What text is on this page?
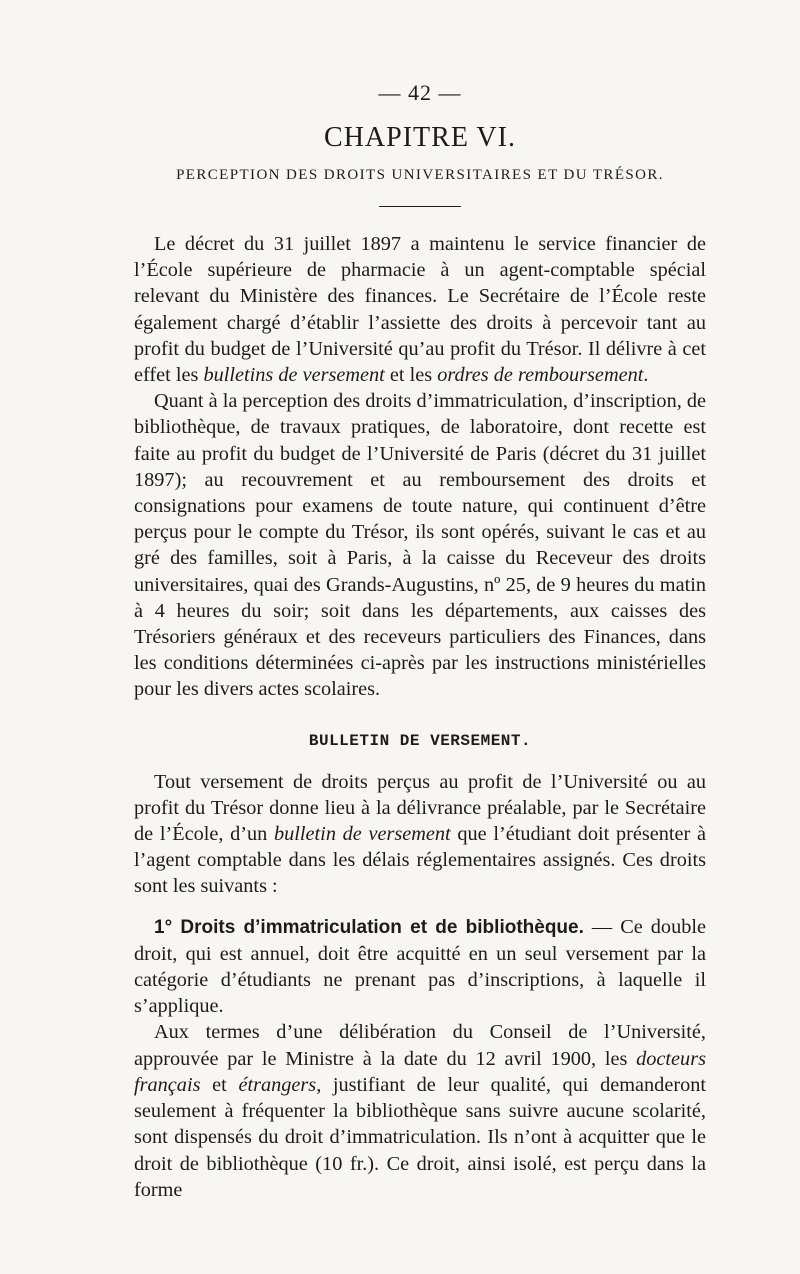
— 42 —
CHAPITRE VI.
PERCEPTION DES DROITS UNIVERSITAIRES ET DU TRÉSOR.

Le décret du 31 juillet 1897 a maintenu le service financier de l’École supérieure de pharmacie à un agent-comptable spécial relevant du Ministère des finances. Le Secrétaire de l’École reste également chargé d’établir l’assiette des droits à percevoir tant au profit du budget de l’Université qu’au profit du Trésor. Il délivre à cet effet les bulletins de versement et les ordres de remboursement.

Quant à la perception des droits d’immatriculation, d’inscription, de bibliothèque, de travaux pratiques, de laboratoire, dont recette est faite au profit du budget de l’Université de Paris (décret du 31 juillet 1897); au recouvrement et au remboursement des droits et consignations pour examens de toute nature, qui continuent d’être perçus pour le compte du Trésor, ils sont opérés, suivant le cas et au gré des familles, soit à Paris, à la caisse du Receveur des droits universitaires, quai des Grands-Augustins, nº 25, de 9 heures du matin à 4 heures du soir; soit dans les départements, aux caisses des Trésoriers généraux et des receveurs particuliers des Finances, dans les conditions déterminées ci-après par les instructions ministérielles pour les divers actes scolaires.

BULLETIN DE VERSEMENT.

Tout versement de droits perçus au profit de l’Université ou au profit du Trésor donne lieu à la délivrance préalable, par le Secrétaire de l’École, d’un bulletin de versement que l’étudiant doit présenter à l’agent comptable dans les délais réglementaires assignés. Ces droits sont les suivants :

1° Droits d’immatriculation et de bibliothèque. — Ce double droit, qui est annuel, doit être acquitté en un seul versement par la catégorie d’étudiants ne prenant pas d’inscriptions, à laquelle il s’applique.

Aux termes d’une délibération du Conseil de l’Université, approuvée par le Ministre à la date du 12 avril 1900, les docteurs français et étrangers, justifiant de leur qualité, qui demanderont seulement à fréquenter la bibliothèque sans suivre aucune scolarité, sont dispensés du droit d’immatriculation. Ils n’ont à acquitter que le droit de bibliothèque (10 fr.). Ce droit, ainsi isolé, est perçu dans la forme
